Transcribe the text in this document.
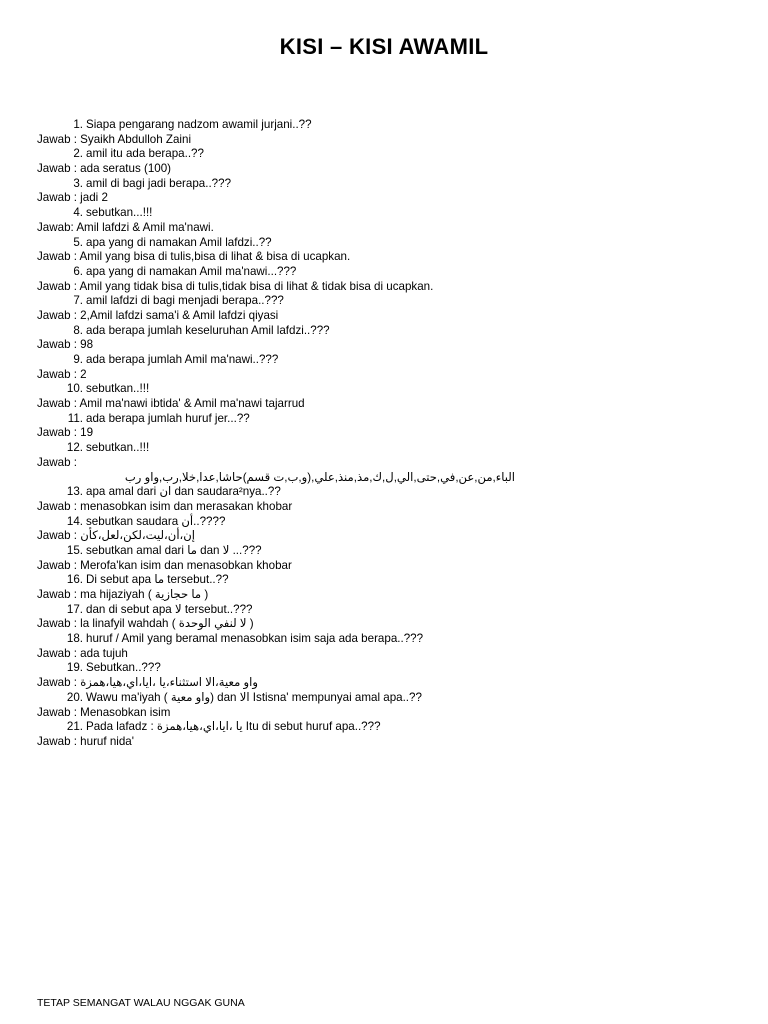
KISI – KISI AWAMIL
1. Siapa pengarang nadzom awamil jurjani..??
Jawab : Syaikh Abdulloh Zaini
2. amil itu ada berapa..??
Jawab : ada seratus (100)
3. amil di bagi jadi berapa..???
Jawab : jadi 2
4. sebutkan...!!!
Jawab: Amil lafdzi & Amil ma'nawi.
5. apa yang di namakan Amil lafdzi..??
Jawab : Amil yang bisa di tulis,bisa di lihat & bisa di ucapkan.
6. apa yang di namakan Amil ma'nawi...???
Jawab : Amil yang tidak bisa di tulis,tidak bisa di lihat & tidak bisa di ucapkan.
7. amil lafdzi di bagi menjadi berapa..???
Jawab : 2,Amil lafdzi sama'i & Amil lafdzi qiyasi
8. ada berapa jumlah keseluruhan Amil lafdzi..???
Jawab : 98
9. ada berapa jumlah Amil ma'nawi..???
Jawab : 2
10. sebutkan..!!!
Jawab : Amil ma'nawi ibtida' & Amil ma'nawi tajarrud
11. ada berapa jumlah huruf jer...??
Jawab : 19
12. sebutkan..!!!
Jawab :
الباء,من,عن,في,حتى,الي,ل,ك,مذ,منذ,علي,(و,ب,ت قسم)حاشا,عدا,خلا,رب,واو رب
13. apa amal dari ان dan saudara²nya..??
Jawab : menasobkan isim dan merasakan khobar
14. sebutkan saudara أن..????
Jawab : إن،أن،ليت،لكن،لعل،كأن
15. sebutkan amal dari ما dan لا ...???
Jawab : Merofa'kan isim dan menasobkan khobar
16. Di sebut apa ما tersebut..??
Jawab : ma hijaziyah ( ما حجازية )
17. dan di sebut apa لا tersebut..???
Jawab : la linafyil wahdah ( لا لنفي الوحدة )
18. huruf / Amil yang beramal menasobkan isim saja ada berapa..???
Jawab : ada tujuh
19. Sebutkan..???
Jawab : واو معية،الا استثناء،يا ،ايا،اي،هيا،همزة
20. Wawu ma'iyah ( واو معية) dan الا Istisna' mempunyai amal apa..??
Jawab : Menasobkan isim
21. Pada lafadz : يا ،ايا،اي،هيا،همزة Itu di sebut huruf apa..???
Jawab : huruf nida'
TETAP SEMANGAT WALAU NGGAK GUNA
